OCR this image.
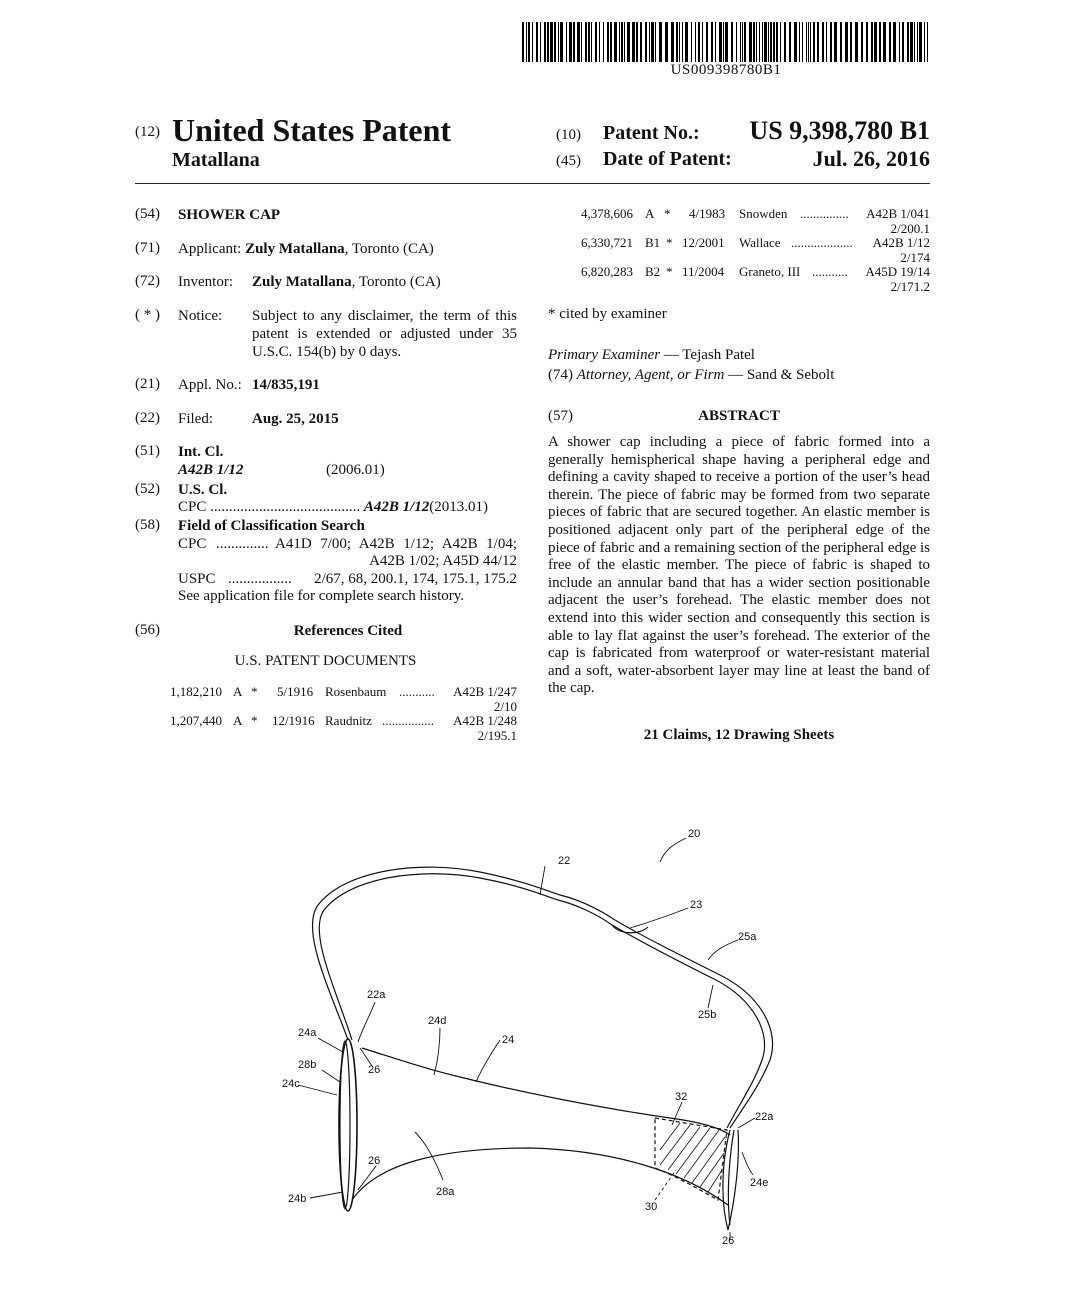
US009398780B1
(12) United States Patent
Matallana
(10) Patent No.:	US 9,398,780 B1
(45) Date of Patent:	Jul. 26, 2016
(54) SHOWER CAP
(71) Applicant: Zuly Matallana, Toronto (CA)
(72) Inventor: Zuly Matallana, Toronto (CA)
( * ) Notice: Subject to any disclaimer, the term of this
patent is extended or adjusted under 35
U.S.C. 154(b) by 0 days.
(21) Appl. No.: 14/835,191
(22) Filed:	Aug. 25, 2015
(51) Int. Cl.
A42B 1/12	(2006.01)
(52) U.S. Cl.
CPC ........................................ A42B 1/12(2013.01)
(58) Field of Classification Search
CPC .............. A41D 7/00; A42B 1/12; A42B 1/04;
A42B 1/02; A45D 44/12
USPC .................	2/67, 68, 200.1, 174, 175.1, 175.2
See application file for complete search history.
(56)	References Cited
U.S. PATENT DOCUMENTS
1,182,210 A * 5/1916 Rosenbaum ...........	A42B 1/247
2/10
1,207,440 A * 12/1916 Raudnitz ................	A42B 1/248
2/195.1
4,378,606 A * 4/1983 Snowden ...............	A42B 1/041
2/200.1
6,330,721 B1 * 12/2001 Wallace ...................	A42B 1/12
2/174
6,820,283 B2 * 11/2004 Graneto, III ...........	A45D 19/14
2/171.2
* cited by examiner
Primary Examiner — Tejash Patel
(74) Attorney, Agent, or Firm — Sand & Sebolt
(57)	ABSTRACT
A shower cap including a piece of fabric formed into a generally hemispherical shape having a peripheral edge and defining a cavity shaped to receive a portion of the user’s head therein. The piece of fabric may be formed from two separate pieces of fabric that are secured together. An elastic member is positioned adjacent only part of the peripheral edge of the piece of fabric and a remaining section of the peripheral edge is free of the elastic member. The piece of fabric is shaped to include an annular band that has a wider section positionable adjacent the user’s forehead. The elastic member does not extend into this wider section and consequently this section is able to lay flat against the user’s forehead. The exterior of the cap is fabricated from waterproof or water-resistant material and a soft, water-absorbent layer may line at least the band of the cap.
21 Claims, 12 Drawing Sheets
20
22
23
25a
25b
22a
24d
24
24a
28b
24c
26
32
22a
24e
26
28a
24b
30
26
